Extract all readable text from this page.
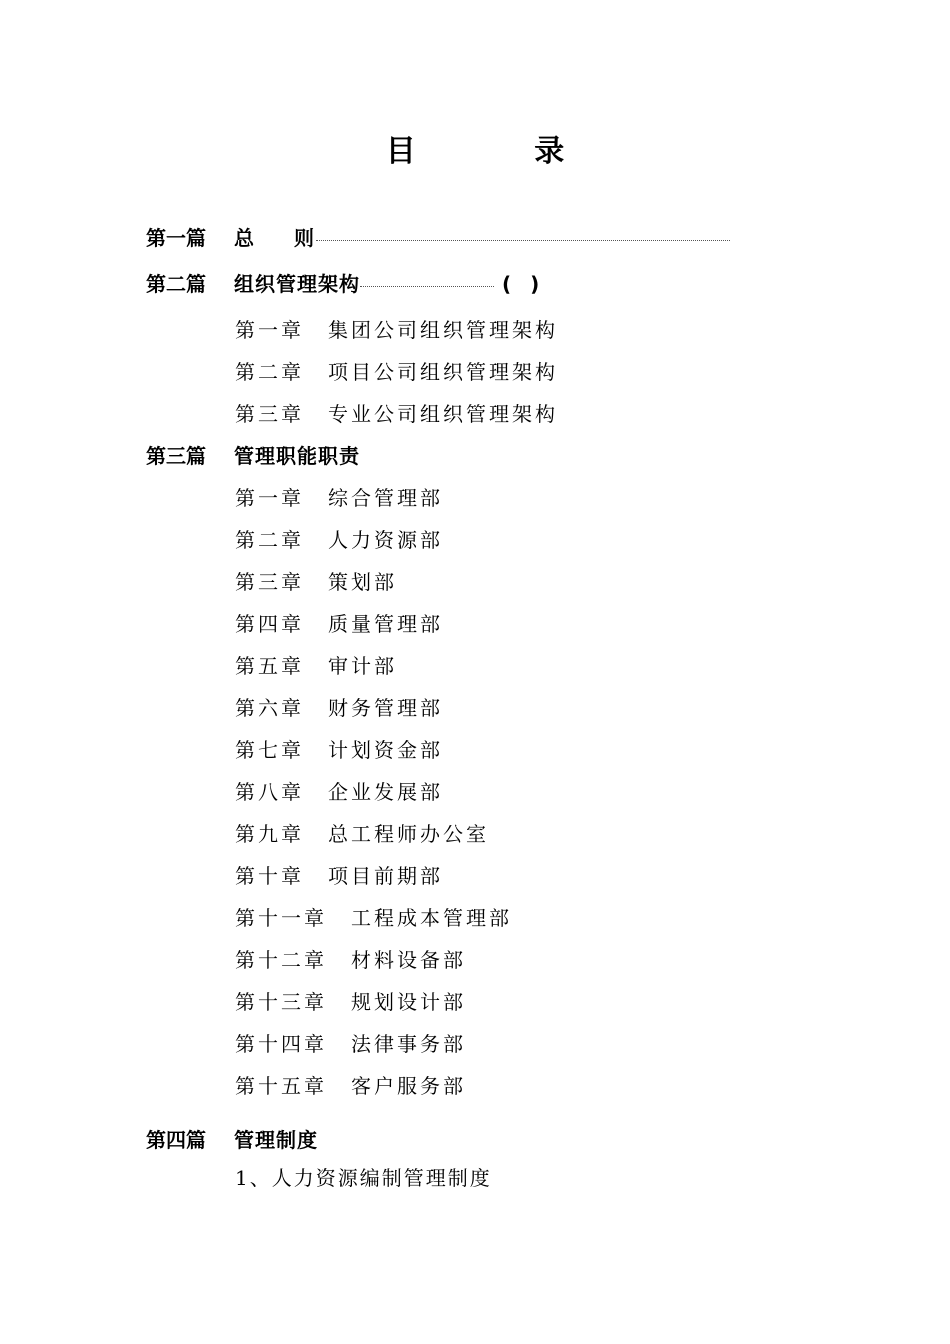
目 录
第一篇	总则
第二篇	组织管理架构	( )
第一章 集团公司组织管理架构
第二章 项目公司组织管理架构
第三章 专业公司组织管理架构
第三篇	管理职能职责
第一章 综合管理部
第二章 人力资源部
第三章 策划部
第四章 质量管理部
第五章 审计部
第六章 财务管理部
第七章 计划资金部
第八章 企业发展部
第九章 总工程师办公室
第十章 项目前期部
第十一章 工程成本管理部
第十二章 材料设备部
第十三章 规划设计部
第十四章 法律事务部
第十五章 客户服务部
第四篇	管理制度
1、人力资源编制管理制度
